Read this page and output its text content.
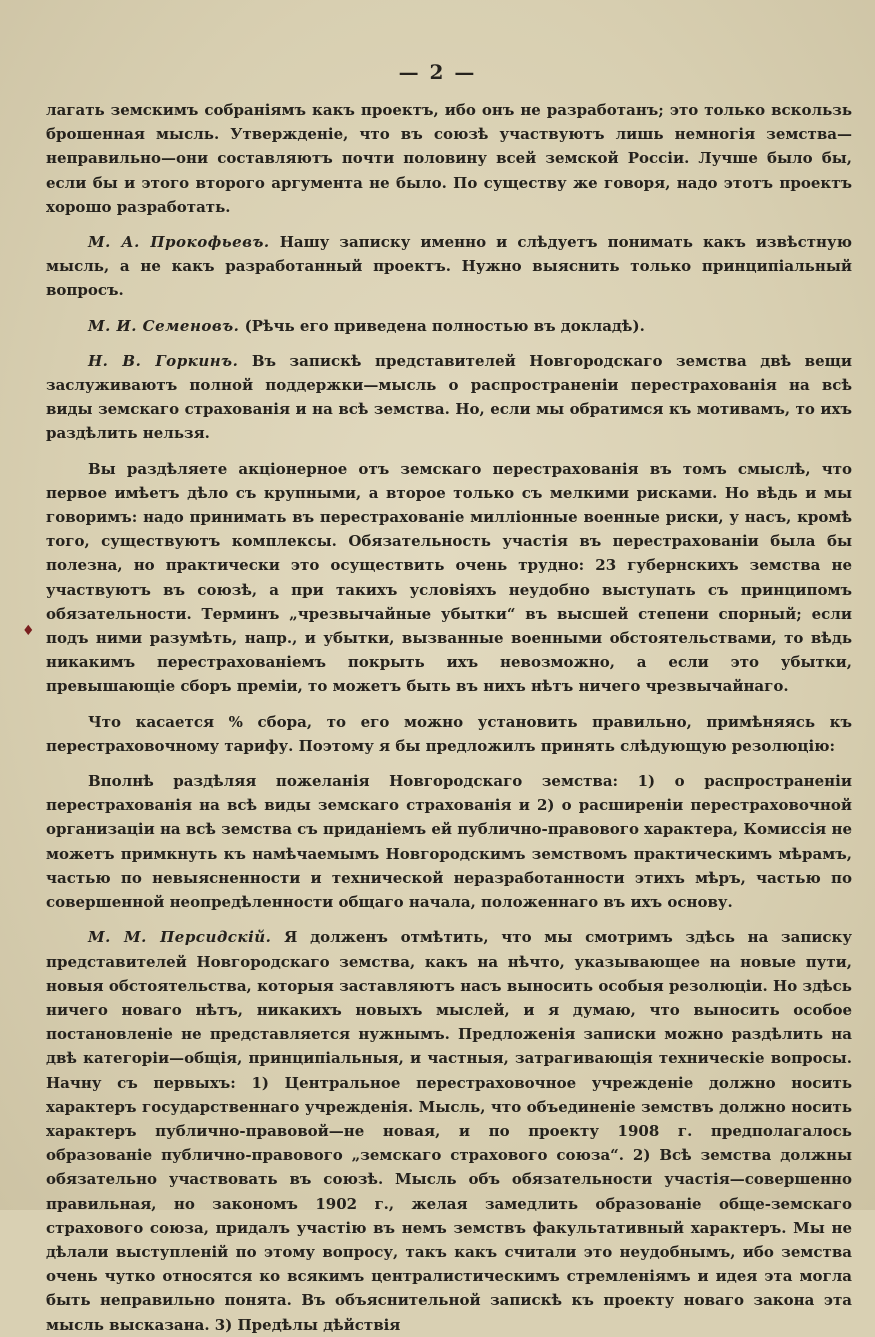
— 2 —

лагать земскимъ собраніямъ какъ проектъ, ибо онъ не разработанъ; это только вскользь брошенная мысль. Утвержденіе, что въ союзѣ участвуютъ лишь немногія земства—неправильно—они составляютъ почти половину всей земской Россіи. Лучше было бы, если бы и этого второго аргумента не было. По существу же говоря, надо этотъ проектъ хорошо разработать.

М. А. Прокофьевъ. Нашу записку именно и слѣдуетъ понимать какъ извѣстную мысль, а не какъ разработанный проектъ. Нужно выяснить только принципіальный вопросъ.

М. И. Семеновъ. (Рѣчь его приведена полностью въ докладѣ).

Н. В. Горкинъ. Въ запискѣ представителей Новгородскаго земства двѣ вещи заслуживаютъ полной поддержки—мысль о распространеніи перестрахованія на всѣ виды земскаго страхованія и на всѣ земства. Но, если мы обратимся къ мотивамъ, то ихъ раздѣлить нельзя.

Вы раздѣляете акціонерное отъ земскаго перестрахованія въ томъ смыслѣ, что первое имѣетъ дѣло съ крупными, а второе только съ мелкими рисками. Но вѣдь и мы говоримъ: надо принимать въ перестрахованіе милліонные военные риски, у насъ, кромѣ того, существуютъ комплексы. Обязательность участія въ перестрахованіи была бы полезна, но практически это осуществить очень трудно: 23 губернскихъ земства не участвуютъ въ союзѣ, а при такихъ условіяхъ неудобно выступать съ принципомъ обязательности. Терминъ „чрезвычайные убытки“ въ высшей степени спорный; если подъ ними разумѣть, напр., и убытки, вызванные военными обстоятельствами, то вѣдь никакимъ перестрахованіемъ покрыть ихъ невозможно, а если это убытки, превышающіе сборъ преміи, то можетъ быть въ нихъ нѣтъ ничего чрезвычайнаго.

Что касается % сбора, то его можно установить правильно, примѣняясь къ перестраховочному тарифу. Поэтому я бы предложилъ принять слѣдующую резолюцію:

Вполнѣ раздѣляя пожеланія Новгородскаго земства: 1) о распространеніи перестрахованія на всѣ виды земскаго страхованія и 2) о расширеніи перестраховочной организаціи на всѣ земства съ приданіемъ ей публично-правового характера, Комиссія не можетъ примкнуть къ намѣчаемымъ Новгородскимъ земствомъ практическимъ мѣрамъ, частью по невыясненности и технической неразработанности этихъ мѣръ, частью по совершенной неопредѣленности общаго начала, положеннаго въ ихъ основу.

М. М. Персидскій. Я долженъ отмѣтить, что мы смотримъ здѣсь на записку представителей Новгородскаго земства, какъ на нѣчто, указывающее на новые пути, новыя обстоятельства, которыя заставляютъ насъ выносить особыя резолюціи. Но здѣсь ничего новаго нѣтъ, никакихъ новыхъ мыслей, и я думаю, что выносить особое постановленіе не представляется нужнымъ. Предложенія записки можно раздѣлить на двѣ категоріи—общія, принципіальныя, и частныя, затрагивающія техническіе вопросы. Начну съ первыхъ: 1) Центральное перестраховочное учрежденіе должно носить характеръ государственнаго учрежденія. Мысль, что объединеніе земствъ должно носить характеръ публично-правовой—не новая, и по проекту 1908 г. предполагалось образованіе публично-правового „земскаго страхового союза“. 2) Всѣ земства должны обязательно участвовать въ союзѣ. Мысль объ обязательности участія—совершенно правильная, но закономъ 1902 г., желая замедлить образованіе обще-земскаго страхового союза, придалъ участію въ немъ земствъ факультативный характеръ. Мы не дѣлали выступленій по этому вопросу, такъ какъ считали это неудобнымъ, ибо земства очень чутко относятся ко всякимъ централистическимъ стремленіямъ и идея эта могла быть неправильно понята. Въ объяснительной запискѣ къ проекту новаго закона эта мысль высказана. 3) Предѣлы дѣйствія

♦
